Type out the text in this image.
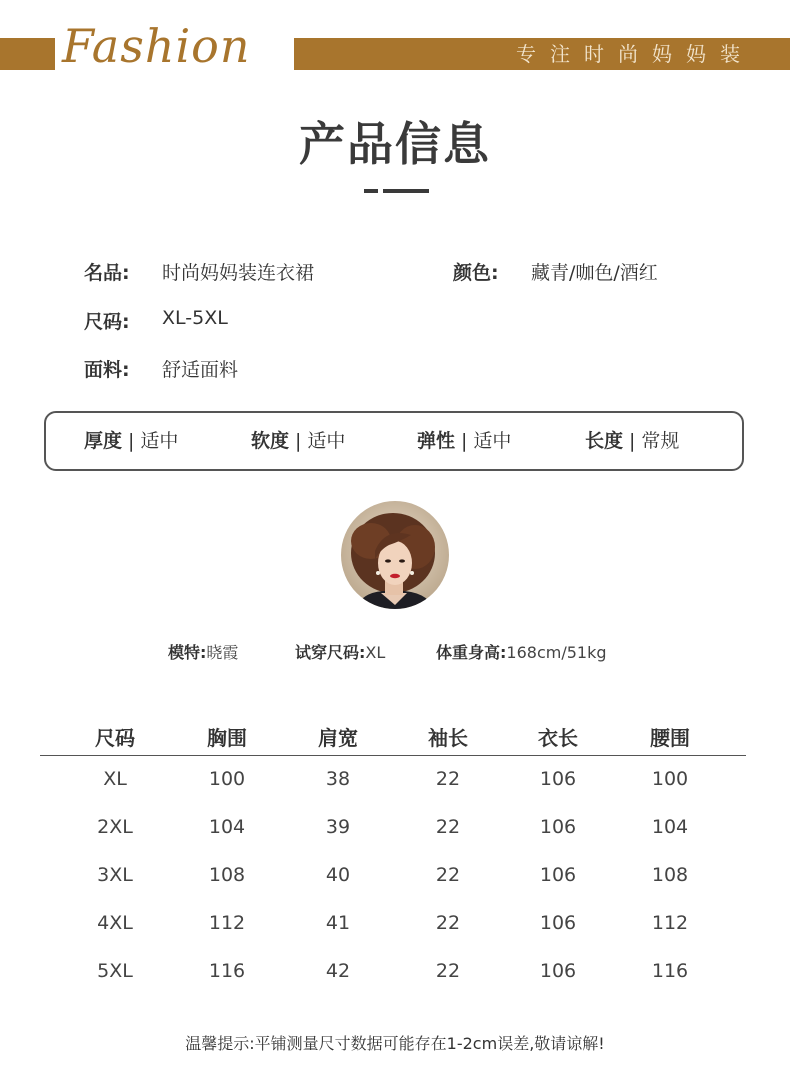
Fashion	专注时尚妈妈装
产品信息
名品: 时尚妈妈装连衣裙	颜色: 藏青/咖色/酒红
尺码: XL-5XL
面料: 舒适面料
厚度 | 适中	软度 | 适中	弹性 | 适中	长度 | 常规
模特:晓霞	试穿尺码:XL	体重身高:168cm/51kg
尺码	胸围	肩宽	袖长	衣长	腰围
XL	100	38	22	106	100
2XL	104	39	22	106	104
3XL	108	40	22	106	108
4XL	112	41	22	106	112
5XL	116	42	22	106	116
温馨提示:平铺测量尺寸数据可能存在1-2cm误差,敬请谅解!
